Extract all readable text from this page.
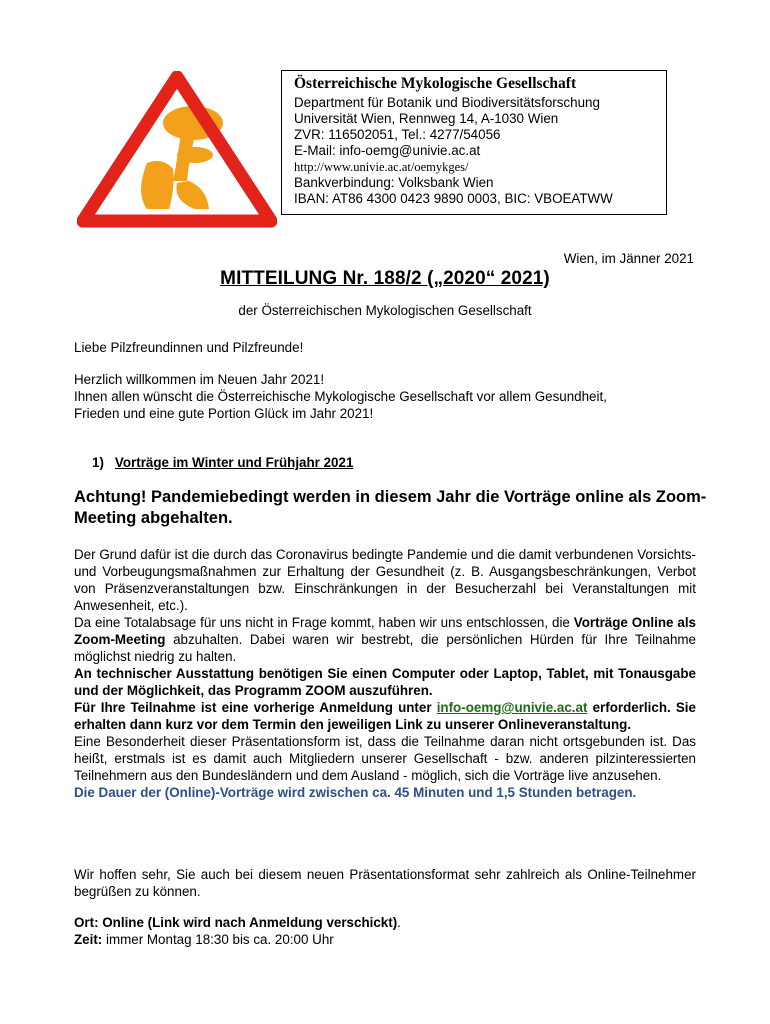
Österreichische Mykologische Gesellschaft
Department für Botanik und Biodiversitätsforschung
Universität Wien, Rennweg 14, A-1030 Wien
ZVR: 116502051, Tel.: 4277/54056
E-Mail: info-oemg@univie.ac.at
http://www.univie.ac.at/oemykges/
Bankverbindung: Volksbank Wien
IBAN: AT86 4300 0423 9890 0003, BIC: VBOEATWW
Wien, im Jänner 2021
MITTEILUNG Nr. 188/2 („2020“ 2021)
der Österreichischen Mykologischen Gesellschaft
Liebe Pilzfreundinnen und Pilzfreunde!

Herzlich willkommen im Neuen Jahr 2021!

Ihnen allen wünscht die Österreichische Mykologische Gesellschaft vor allem Gesundheit,

Frieden und eine gute Portion Glück im Jahr 2021!

1) Vorträge im Winter und Frühjahr 2021
Achtung! Pandemiebedingt werden in diesem Jahr die Vorträge online als Zoom-Meeting abgehalten.

Der Grund dafür ist die durch das Coronavirus bedingte Pandemie und die damit verbundenen Vorsichts- und Vorbeugungsmaßnahmen zur Erhaltung der Gesundheit (z. B. Ausgangsbeschränkungen, Verbot von Präsenzveranstaltungen bzw. Einschränkungen in der Besucherzahl bei Veranstaltungen mit Anwesenheit, etc.).

Da eine Totalabsage für uns nicht in Frage kommt, haben wir uns entschlossen, die Vorträge Online als Zoom-Meeting abzuhalten. Dabei waren wir bestrebt, die persönlichen Hürden für Ihre Teilnahme möglichst niedrig zu halten.

An technischer Ausstattung benötigen Sie einen Computer oder Laptop, Tablet, mit Tonausgabe und der Möglichkeit, das Programm ZOOM auszuführen.

Für Ihre Teilnahme ist eine vorherige Anmeldung unter info-oemg@univie.ac.at erforderlich. Sie erhalten dann kurz vor dem Termin den jeweiligen Link zu unserer Onlineveranstaltung.

Eine Besonderheit dieser Präsentationsform ist, dass die Teilnahme daran nicht ortsgebunden ist. Das heißt, erstmals ist es damit auch Mitgliedern unserer Gesellschaft - bzw. anderen pilzinteressierten Teilnehmern aus den Bundesländern und dem Ausland - möglich, sich die Vorträge live anzusehen.

Die Dauer der (Online)-Vorträge wird zwischen ca. 45 Minuten und 1,5 Stunden betragen.

Wir hoffen sehr, Sie auch bei diesem neuen Präsentationsformat sehr zahlreich als Online-Teilnehmer begrüßen zu können.

Ort: Online (Link wird nach Anmeldung verschickt).

Zeit: immer Montag 18:30 bis ca. 20:00 Uhr
